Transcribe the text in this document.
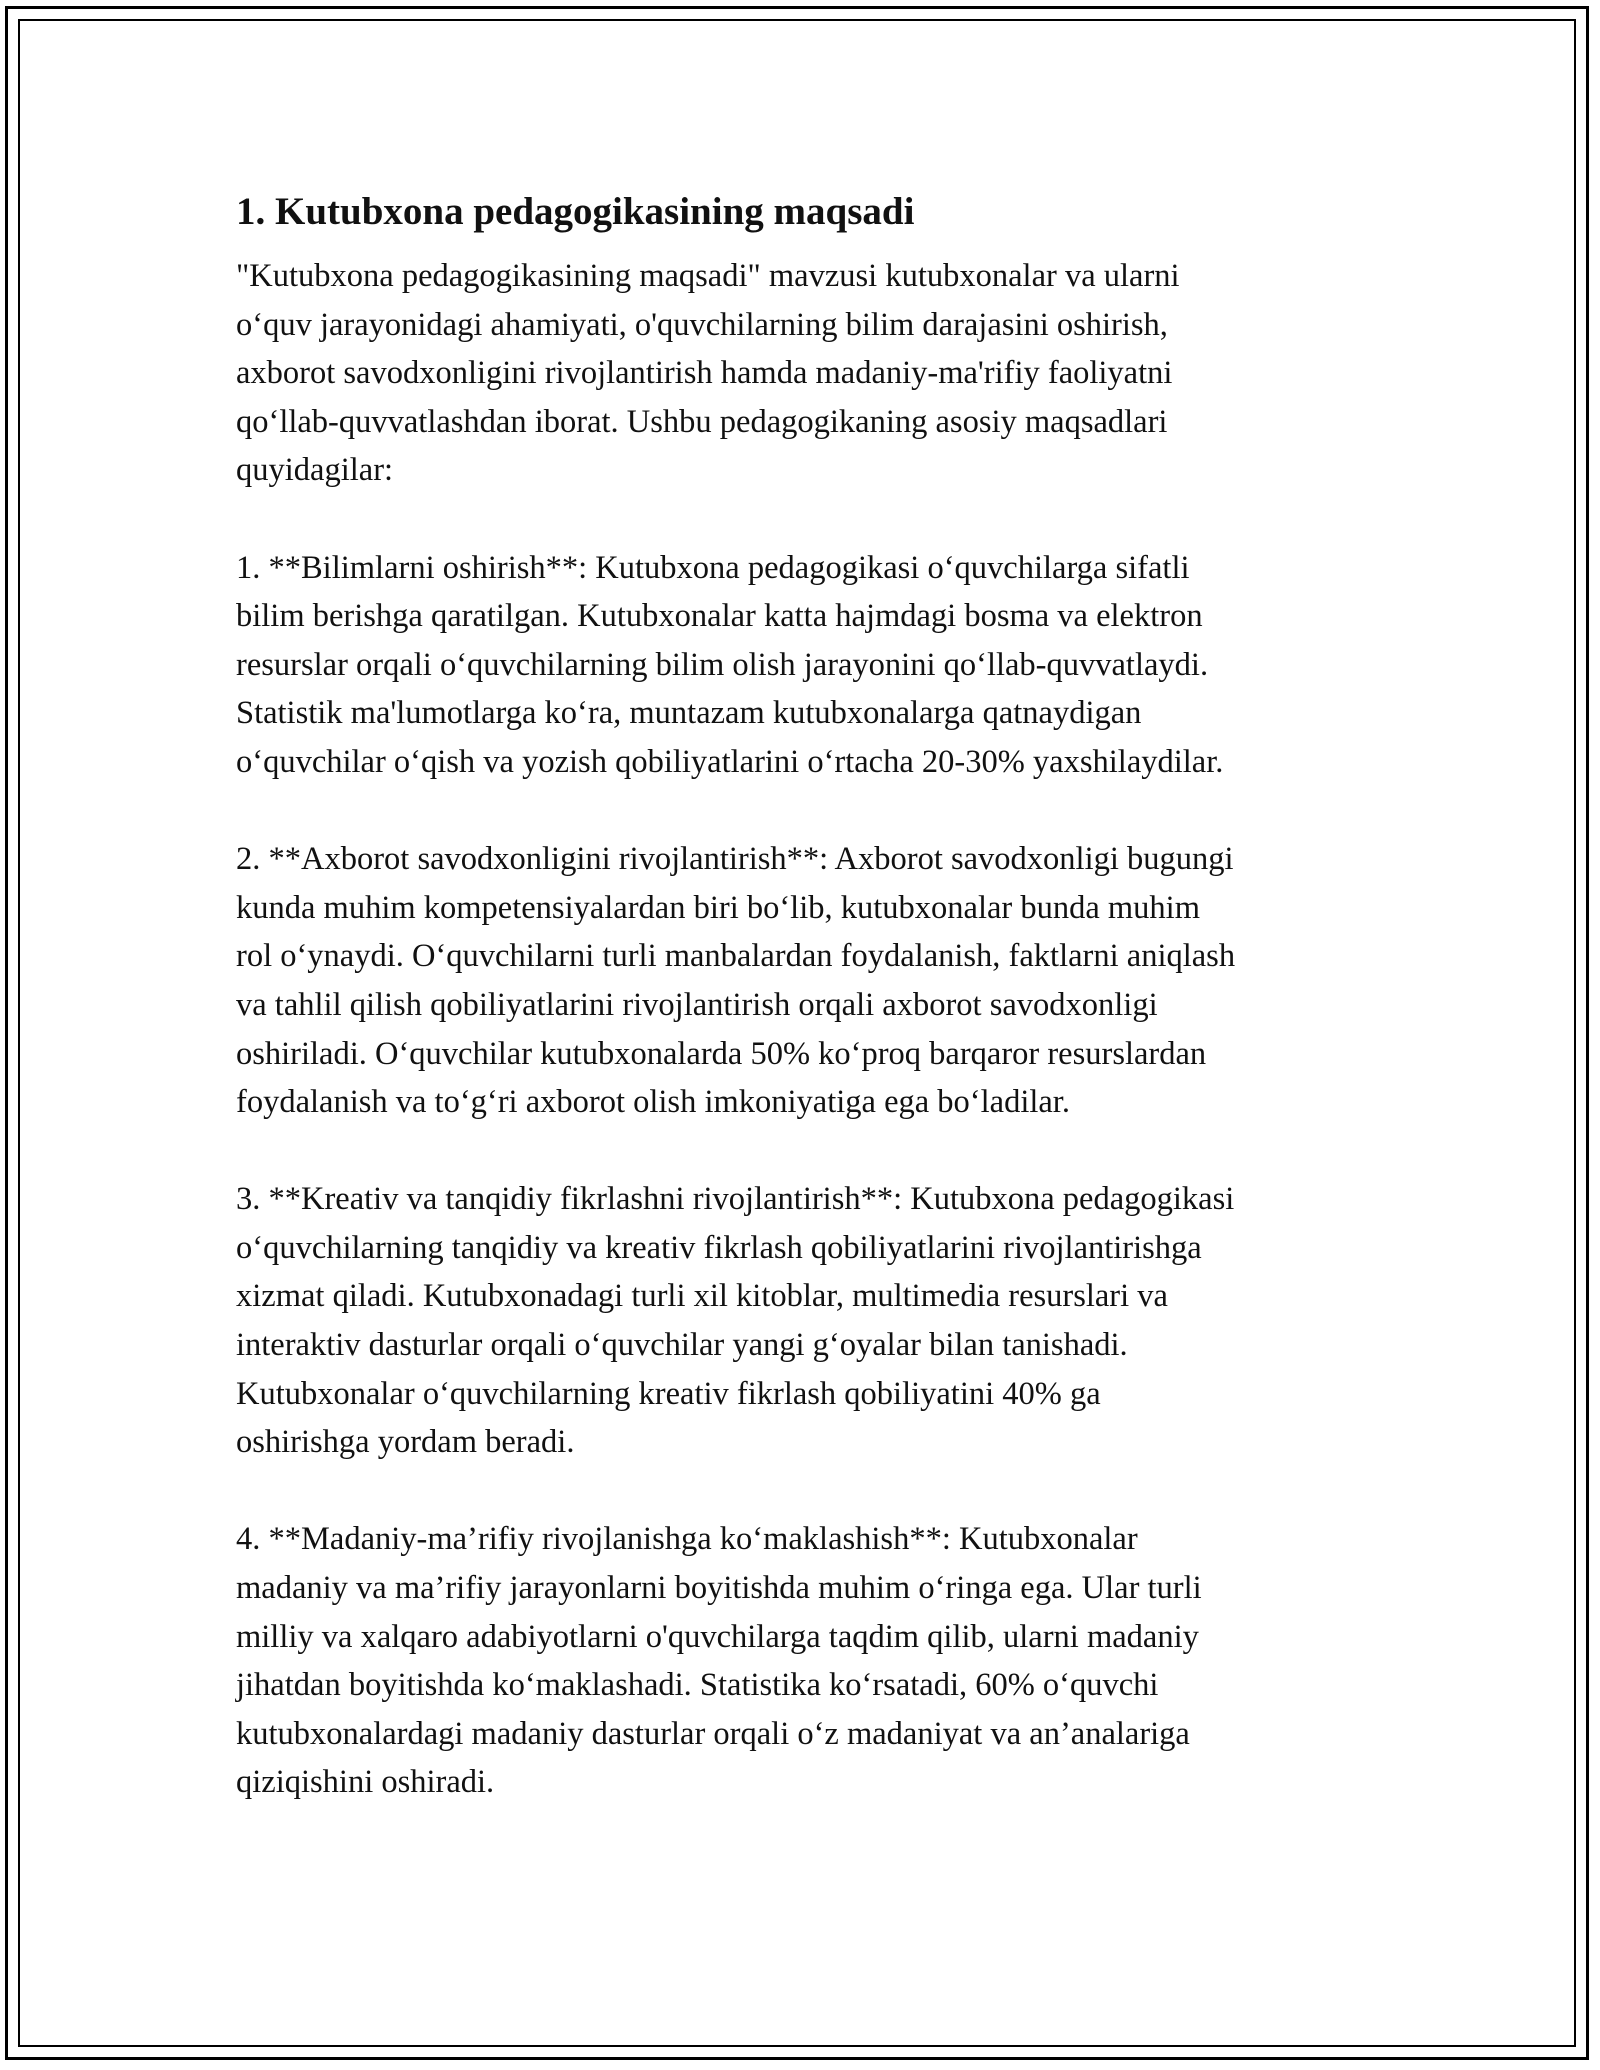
1. Kutubxona pedagogikasining maqsadi

"Kutubxona pedagogikasining maqsadi" mavzusi kutubxonalar va ularni
o‘quv jarayonidagi ahamiyati, o'quvchilarning bilim darajasini oshirish,
axborot savodxonligini rivojlantirish hamda madaniy-ma'rifiy faoliyatni
qo‘llab-quvvatlashdan iborat. Ushbu pedagogikaning asosiy maqsadlari
quyidagilar:

1. **Bilimlarni oshirish**: Kutubxona pedagogikasi o‘quvchilarga sifatli
bilim berishga qaratilgan. Kutubxonalar katta hajmdagi bosma va elektron
resurslar orqali o‘quvchilarning bilim olish jarayonini qo‘llab-quvvatlaydi.
Statistik ma'lumotlarga ko‘ra, muntazam kutubxonalarga qatnaydigan
o‘quvchilar o‘qish va yozish qobiliyatlarini o‘rtacha 20-30% yaxshilaydilar.

2. **Axborot savodxonligini rivojlantirish**: Axborot savodxonligi bugungi
kunda muhim kompetensiyalardan biri bo‘lib, kutubxonalar bunda muhim
rol o‘ynaydi. O‘quvchilarni turli manbalardan foydalanish, faktlarni aniqlash
va tahlil qilish qobiliyatlarini rivojlantirish orqali axborot savodxonligi
oshiriladi. O‘quvchilar kutubxonalarda 50% ko‘proq barqaror resurslardan
foydalanish va to‘g‘ri axborot olish imkoniyatiga ega bo‘ladilar.

3. **Kreativ va tanqidiy fikrlashni rivojlantirish**: Kutubxona pedagogikasi
o‘quvchilarning tanqidiy va kreativ fikrlash qobiliyatlarini rivojlantirishga
xizmat qiladi. Kutubxonadagi turli xil kitoblar, multimedia resurslari va
interaktiv dasturlar orqali o‘quvchilar yangi g‘oyalar bilan tanishadi.
Kutubxonalar o‘quvchilarning kreativ fikrlash qobiliyatini 40% ga
oshirishga yordam beradi.

4. **Madaniy-ma’rifiy rivojlanishga ko‘maklashish**: Kutubxonalar
madaniy va ma’rifiy jarayonlarni boyitishda muhim o‘ringa ega. Ular turli
milliy va xalqaro adabiyotlarni o'quvchilarga taqdim qilib, ularni madaniy
jihatdan boyitishda ko‘maklashadi. Statistika ko‘rsatadi, 60% o‘quvchi
kutubxonalardagi madaniy dasturlar orqali o‘z madaniyat va an’analariga
qiziqishini oshiradi.
